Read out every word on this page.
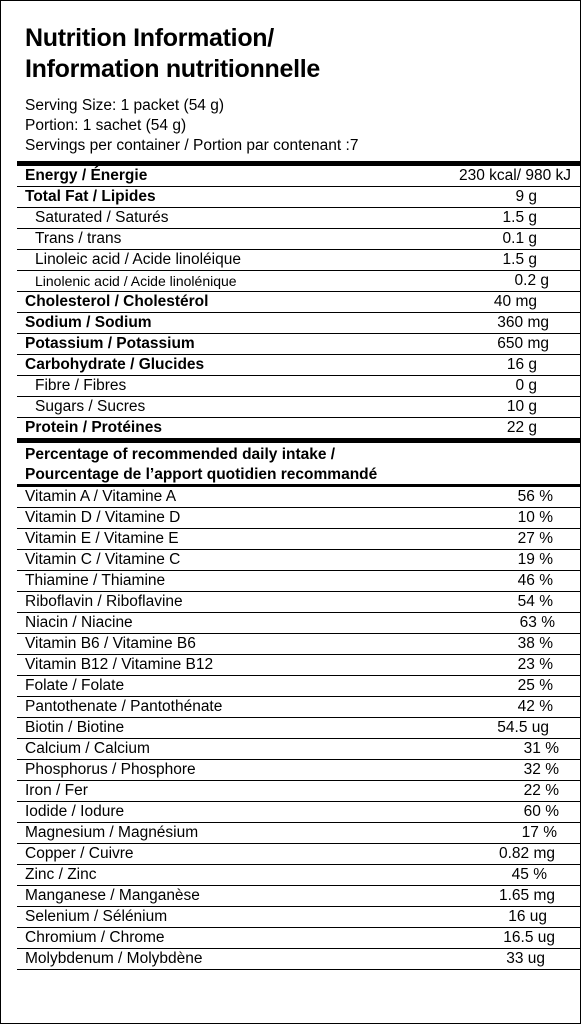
Nutrition Information/
Information nutritionnelle
Serving Size: 1 packet (54 g)
Portion: 1 sachet (54 g)
Servings per container / Portion par contenant :7
Energy / Énergie	230 kcal/ 980 kJ
Total Fat / Lipides	9 g
Saturated / Saturés	1.5 g
Trans / trans	0.1 g
Linoleic acid / Acide linoléique	1.5 g
Linolenic acid / Acide linolénique	0.2 g
Cholesterol / Cholestérol	40 mg
Sodium / Sodium	360 mg
Potassium / Potassium	650 mg
Carbohydrate / Glucides	16 g
Fibre / Fibres	0 g
Sugars / Sucres	10 g
Protein / Protéines	22 g
Percentage of recommended daily intake /
Pourcentage de l’apport quotidien recommandé
Vitamin A / Vitamine A	56 %
Vitamin D / Vitamine D	10 %
Vitamin E / Vitamine E	27 %
Vitamin C / Vitamine C	19 %
Thiamine / Thiamine	46 %
Riboflavin / Riboflavine	54 %
Niacin / Niacine	63 %
Vitamin B6 / Vitamine B6	38 %
Vitamin B12 / Vitamine B12	23 %
Folate / Folate	25 %
Pantothenate / Pantothénate	42 %
Biotin / Biotine	54.5 ug
Calcium / Calcium	31 %
Phosphorus / Phosphore	32 %
Iron / Fer	22 %
Iodide / Iodure	60 %
Magnesium / Magnésium	17 %
Copper / Cuivre	0.82 mg
Zinc / Zinc	45 %
Manganese / Manganèse	1.65 mg
Selenium / Sélénium	16 ug
Chromium / Chrome	16.5 ug
Molybdenum / Molybdène	33 ug
